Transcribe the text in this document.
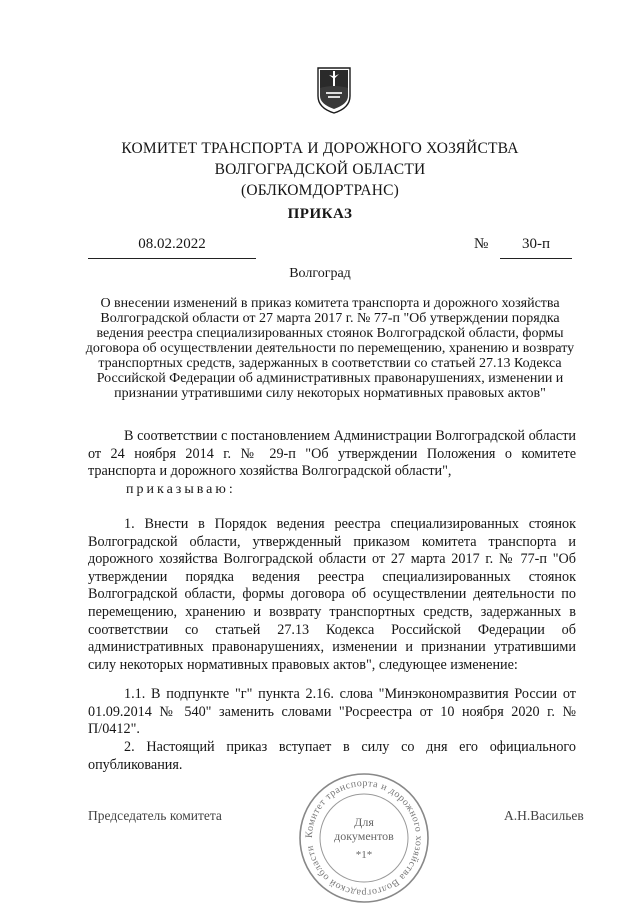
КОМИТЕТ ТРАНСПОРТА И ДОРОЖНОГО ХОЗЯЙСТВА
ВОЛГОГРАДСКОЙ ОБЛАСТИ
(ОБЛКОМДОРТРАНС)
ПРИКАЗ
08.02.2022	№	30-п
Волгоград
О внесении изменений в приказ комитета транспорта и дорожного хозяйства Волгоградской области от 27 марта 2017 г. № 77-п "Об утверждении порядка ведения реестра специализированных стоянок Волгоградской области, формы договора об осуществлении деятельности по перемещению, хранению и возврату транспортных средств, задержанных в соответствии со статьей 27.13 Кодекса Российской Федерации об административных правонарушениях, изменении и признании утратившими силу некоторых нормативных правовых актов"
В соответствии с постановлением Администрации Волгоградской области от 24 ноября 2014 г. № 29-п "Об утверждении Положения о комитете транспорта и дорожного хозяйства Волгоградской области",
приказываю:
1. Внести в Порядок ведения реестра специализированных стоянок Волгоградской области, утвержденный приказом комитета транспорта и дорожного хозяйства Волгоградской области от 27 марта 2017 г. № 77-п "Об утверждении порядка ведения реестра специализированных стоянок Волгоградской области, формы договора об осуществлении деятельности по перемещению, хранению и возврату транспортных средств, задержанных в соответствии со статьей 27.13 Кодекса Российской Федерации об административных правонарушениях, изменении и признании утратившими силу некоторых нормативных правовых актов", следующее изменение:
1.1. В подпункте "г" пункта 2.16. слова "Минэкономразвития России от 01.09.2014 № 540" заменить словами "Росреестра от 10 ноября 2020 г. № П/0412".
2. Настоящий приказ вступает в силу со дня его официального опубликования.
Председатель комитета	А.Н.Васильев
Комитет транспорта и дорожного хозяйства Волгоградской области
Для
документов
*1*
